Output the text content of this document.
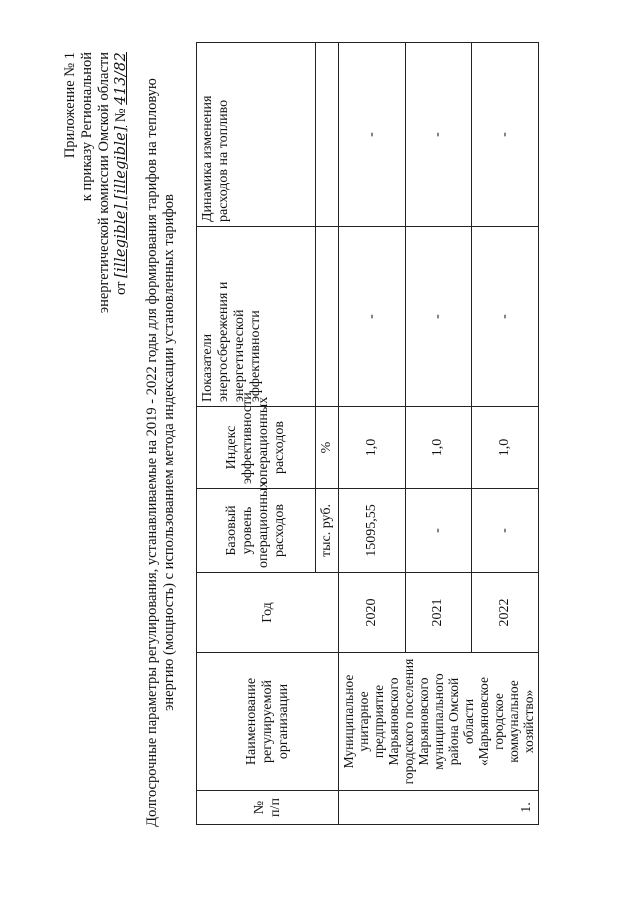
Приложение № 1 к приказу Региональной энергетической комиссии Омской области от [illegible] [illegible] № 413/82 Долгосрочные параметры регулирования, устанавливаемые на 2019 - 2022 годы для формирования тарифов на тепловую энергию (мощность) с использованием метода индексации установленных тарифов
№ п/п	Наименование регулируемой организации	Год	Базовый уровень операционных расходов	Индекс эффективности операционных расходов	Показатели энергосбережения и энергетической эффективности	Динамика изменения расходов на топливо
			тыс. руб.	%		
1.	Муниципальное унитарное предприятие Марьяновского городского поселения Марьяновского муниципального района Омской области «Марьяновское городское коммунальное хозяйство»	2020	15095,55	1,0	-	-
		2021	-	1,0	-	-
		2022	-	1,0	-	-
